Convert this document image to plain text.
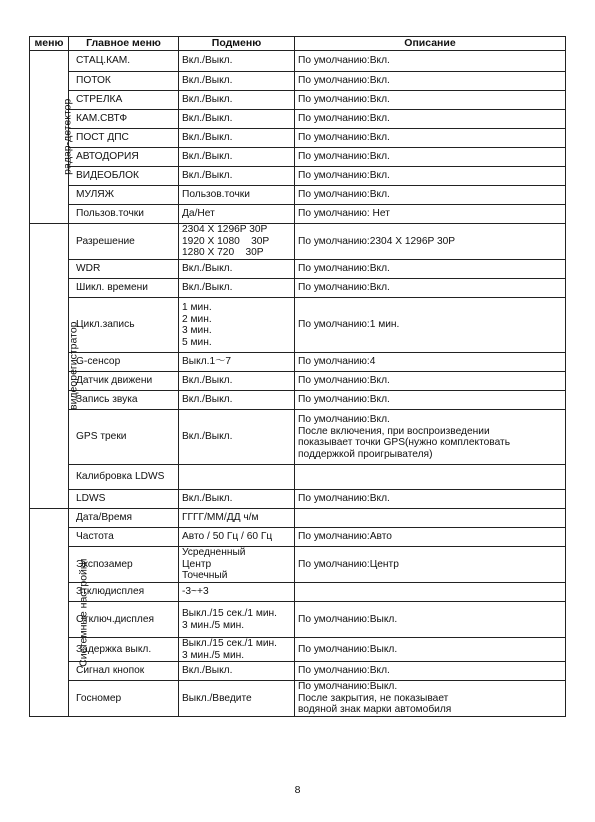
меню	Главное меню	Подменю	Описание
радар-детектор	СТАЦ.КАМ.	Вкл./Выкл.	По умолчанию:Вкл.

	ПОТОК	Вкл./Выкл.	По умолчанию:Вкл.

	СТРЕЛКА	Вкл./Выкл.	По умолчанию:Вкл.

	КАМ.СВТФ	Вкл./Выкл.	По умолчанию:Вкл.

	ПОСТ ДПС	Вкл./Выкл.	По умолчанию:Вкл.

	АВТОДОРИЯ	Вкл./Выкл.	По умолчанию:Вкл.

	ВИДЕОБЛОК	Вкл./Выкл.	По умолчанию:Вкл.

	МУЛЯЖ	Пользов.точки	По умолчанию:Вкл.

	Пользов.точки	Да/Нет	По умолчанию: Нет

видеорегистратор	Разрешение	2304 X 1296P 30P
1920 X 1080    30P
1280 X 720    30P	По умолчанию:2304 X 1296P 30P

	WDR	Вкл./Выкл.	По умолчанию:Вкл.

	Шикл. времени	Вкл./Выкл.	По умолчанию:Вкл.

	Цикл.запись	1 мин.
2 мин.
3 мин.
5 мин.	По умолчанию:1 мин.

	G-сенсор	Выкл.1～7	По умолчанию:4

	Датчик движени	Вкл./Выкл.	По умолчанию:Вкл.

	Запись звука	Вкл./Выкл.	По умолчанию:Вкл.

	GPS треки	Вкл./Выкл.	По умолчанию:Вкл.
После включения, при воспроизведении
показывает точки GPS(нужно комплектовать
поддержкой проигрывателя)

	Калибровка LDWS		
	LDWS	Вкл./Выкл.	По умолчанию:Вкл.

Системные настройки	Дата/Время	ГГГГ/ММ/ДД ч/м	

	Частота	Авто / 50 Гц / 60 Гц	По умолчанию:Авто

	Экспозамер	Усредненный
Центр
Точечный	По умолчанию:Центр

	Зтклюдисплея	-3~+3	

	Отключ.дисплея	Выкл./15 сек./1 мин.
3 мин./5 мин.	По умолчанию:Выкл.

	Задержка выкл.	Выкл./15 сек./1 мин.
3 мин./5 мин.	По умолчанию:Выкл.

	Сигнал кнопок	Вкл./Выкл.	По умолчанию:Вкл.

	Госномер	Выкл./Введите	По умолчанию:Выкл.
После закрытия, не показывает
водяной знак марки автомобиля
8
